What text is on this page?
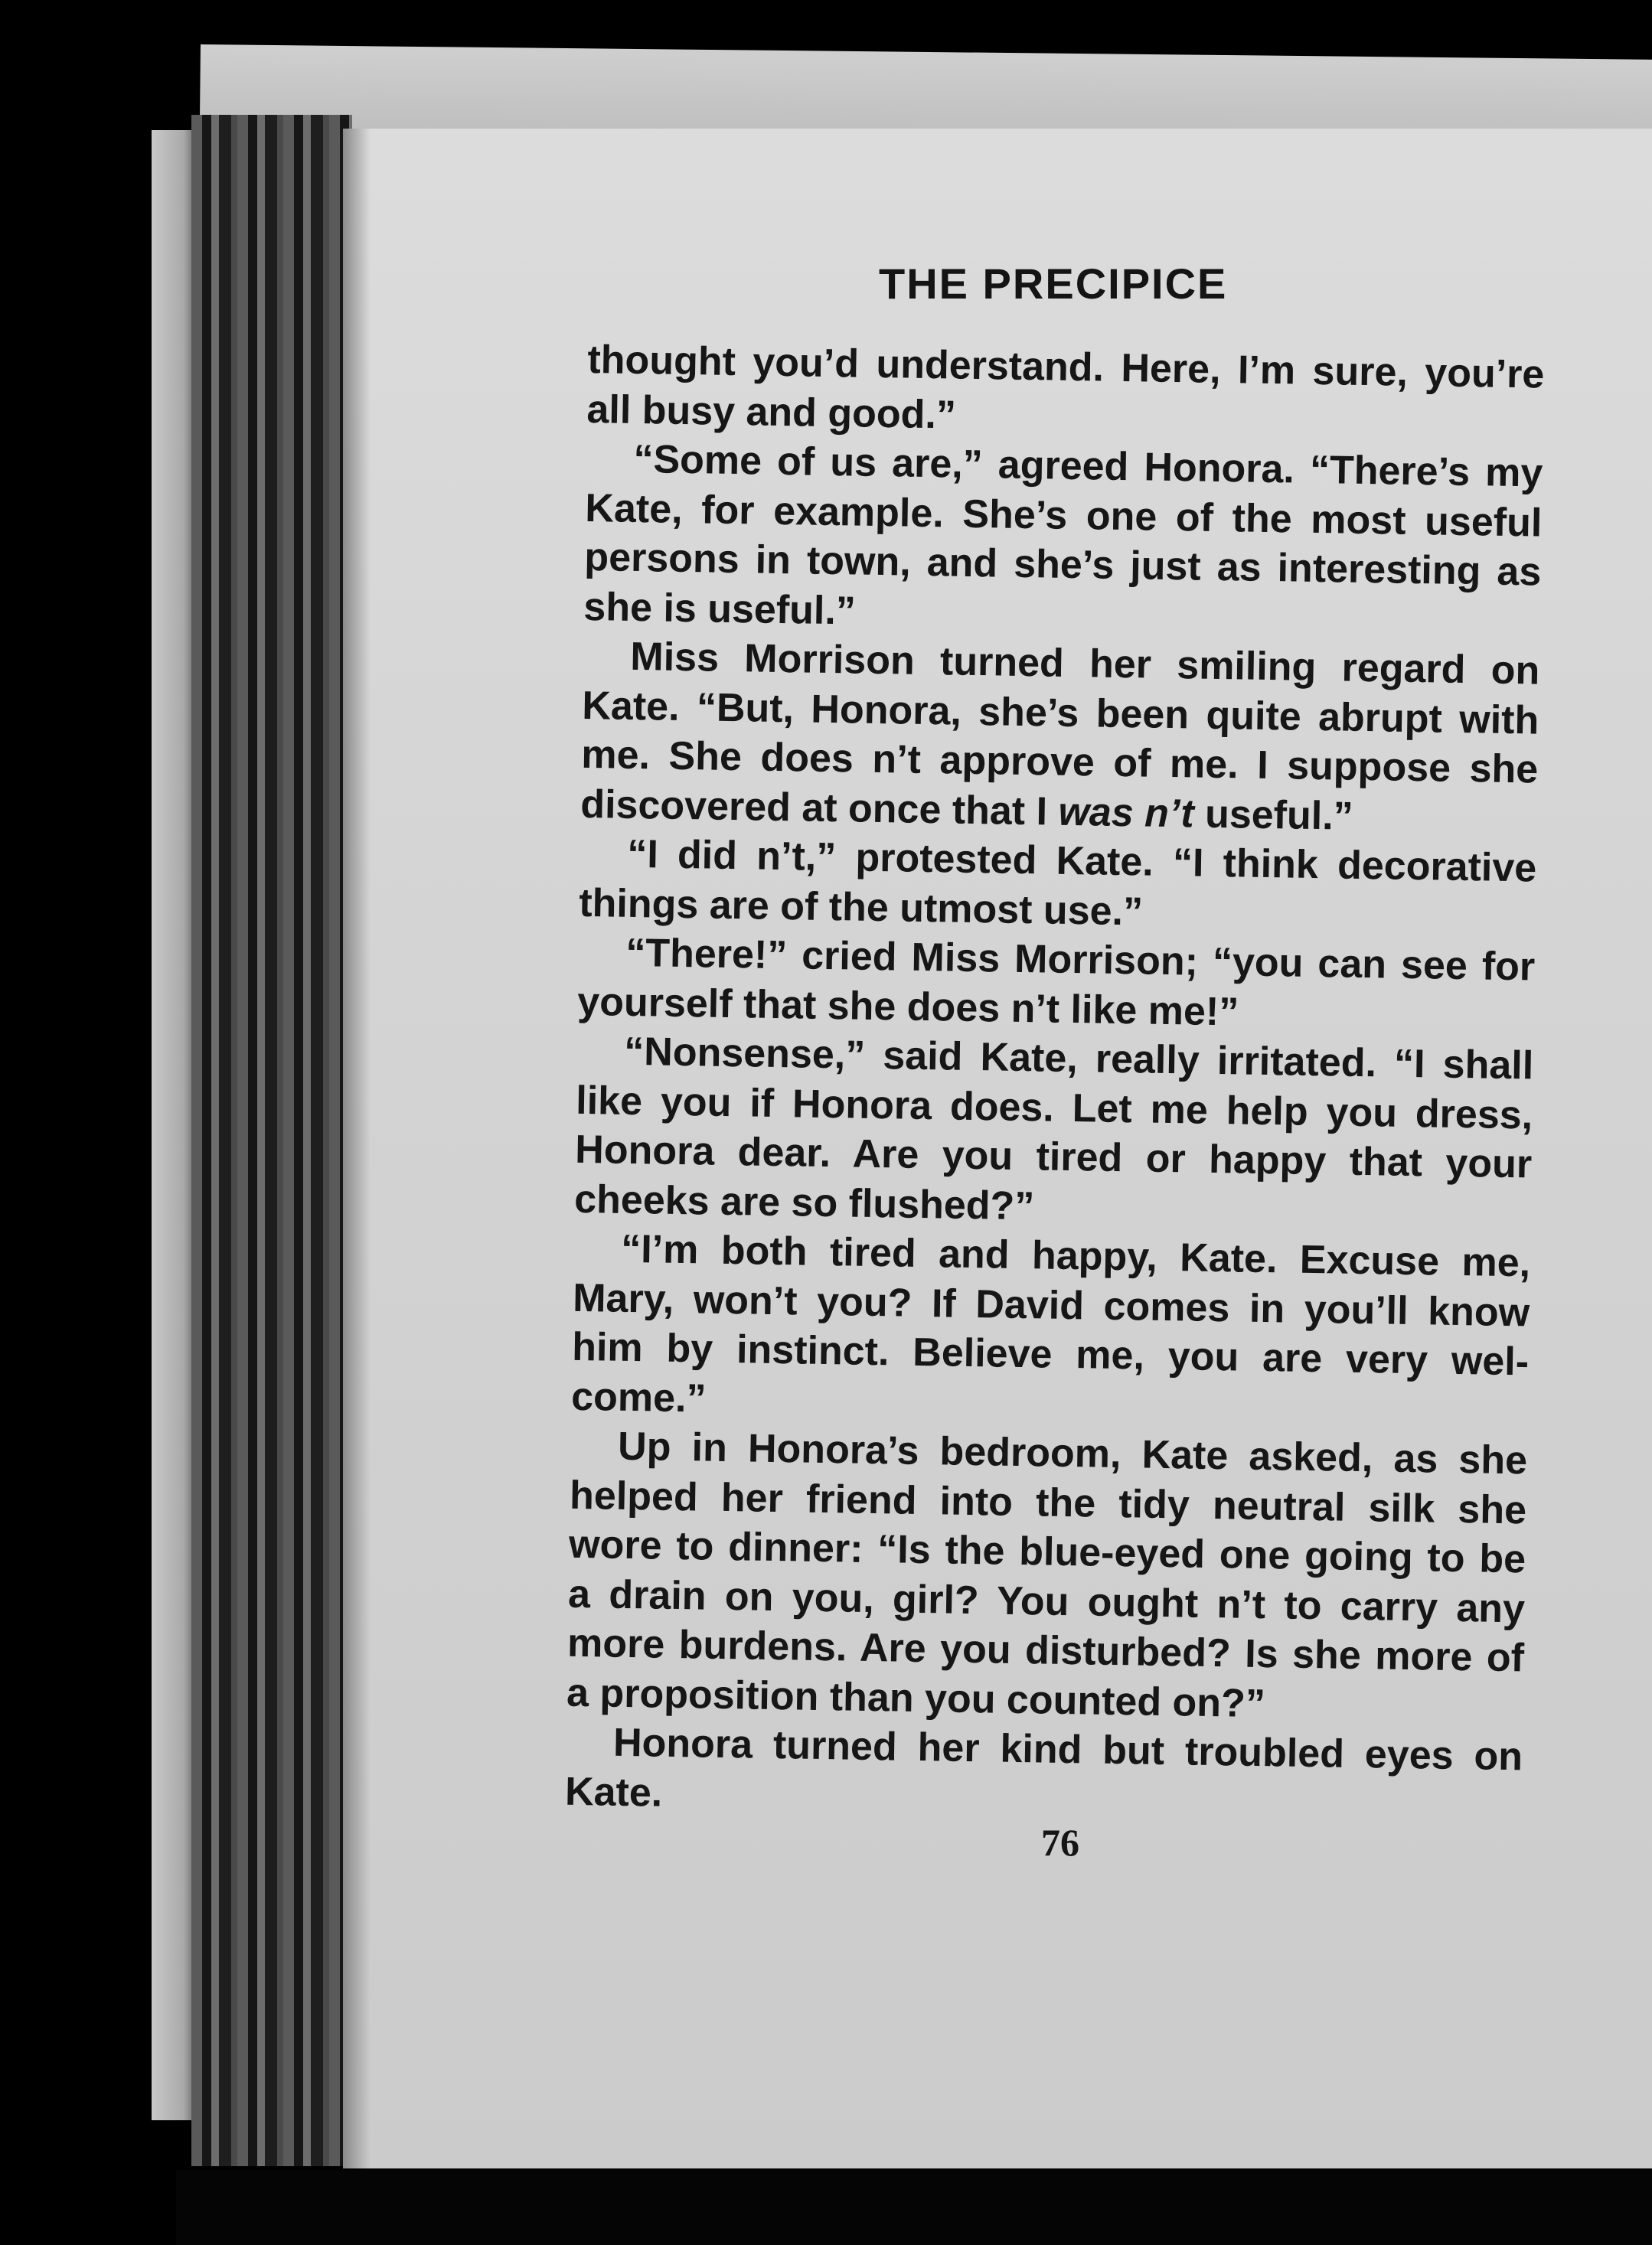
THE PRECIPICE

thought you’d understand. Here, I’m sure, you’re all busy and good.”

“Some of us are,” agreed Honora. “There’s my Kate, for example. She’s one of the most useful persons in town, and she’s just as interesting as she is useful.”

Miss Morrison turned her smiling regard on Kate. “But, Honora, she’s been quite abrupt with me. She does n’t approve of me. I suppose she discovered at once that I was n’t useful.”

“I did n’t,” protested Kate. “I think decorative things are of the utmost use.”

“There!” cried Miss Morrison; “you can see for yourself that she does n’t like me!”

“Nonsense,” said Kate, really irritated. “I shall like you if Honora does. Let me help you dress, Honora dear. Are you tired or happy that your cheeks are so flushed?”

“I’m both tired and happy, Kate. Excuse me, Mary, won’t you? If David comes in you’ll know him by instinct. Believe me, you are very welcome.”

Up in Honora’s bedroom, Kate asked, as she helped her friend into the tidy neutral silk she wore to dinner: “Is the blue-eyed one going to be a drain on you, girl? You ought n’t to carry any more burdens. Are you disturbed? Is she more of a proposition than you counted on?”

Honora turned her kind but troubled eyes on Kate.

76
